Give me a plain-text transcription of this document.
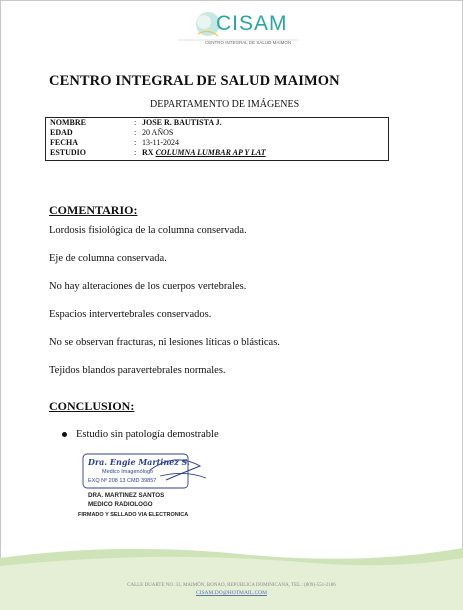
CISAM
CENTRO INTEGRAL DE SALUD MAIMON
CENTRO INTEGRAL DE SALUD MAIMON
DEPARTAMENTO DE IMÁGENES
NOMBRE	: JOSE R. BAUTISTA J.
EDAD	: 20 AÑOS
FECHA	: 13-11-2024
ESTUDIO	: RX COLUMNA LUMBAR AP Y LAT
COMENTARIO:
Lordosis fisiológica de la columna conservada.
Eje de columna conservada.
No hay alteraciones de los cuerpos vertebrales.
Espacios intervertebrales conservados.
No se observan fracturas, ni lesiones líticas o blásticas.
Tejidos blandos paravertebrales normales.
CONCLUSION:
Estudio sin patología demostrable
Dra. Engie Martinez S.
Medico Imagenólogo
EXQ Nº 208 13 CMD 39857
DRA. MARTINEZ SANTOS
MEDICO RADIOLOGO
FIRMADO Y SELLADO VIA ELECTRONICA
CALLE DUARTE NO. 33, MAIMÓN, BONAO, REPUBLICA DOMINICANA, TEL.: (809)-551-2186
CISAM.DO@HOTMAIL.COM
